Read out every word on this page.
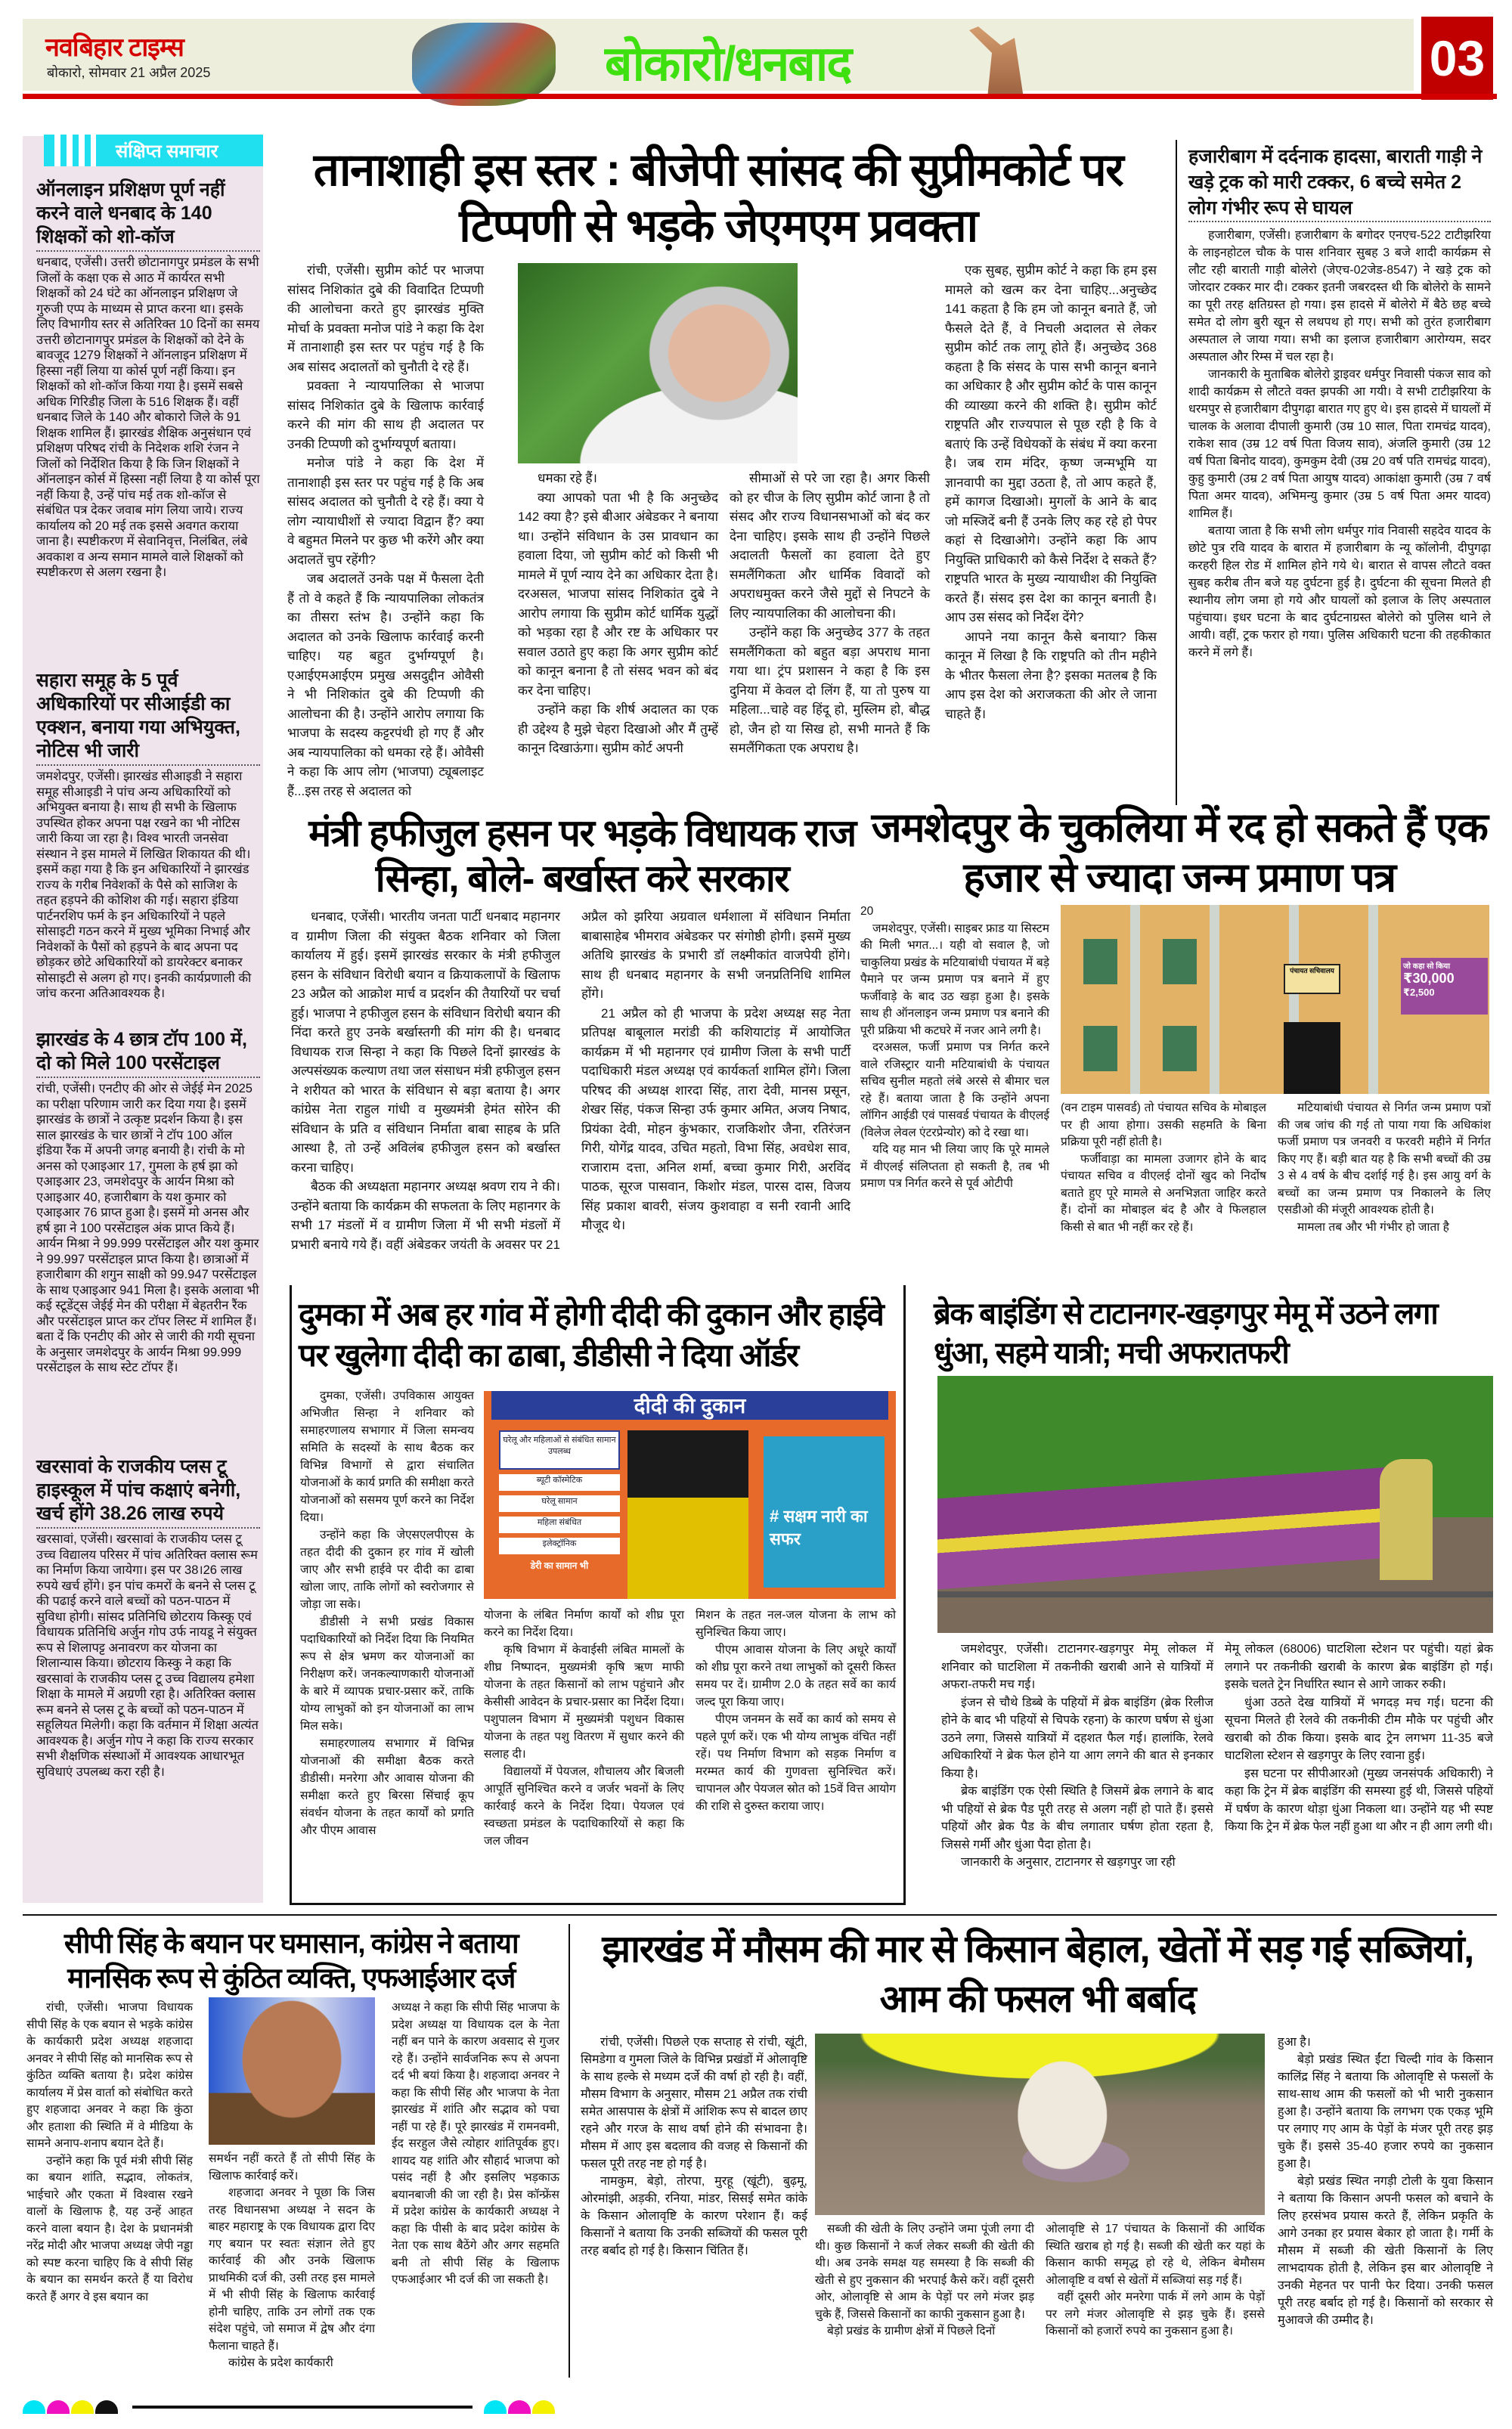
नवबिहार टाइम्स
बोकारो, सोमवार 21 अप्रैल 2025	बोकारो/धनबाद	03
संक्षिप्त समाचार
ऑनलाइन प्रशिक्षण पूर्ण नहीं करने वाले धनबाद के 140 शिक्षकों को शो-कॉज
धनबाद, एजेंसी। उत्तरी छोटानागपुर प्रमंडल के सभी जिलों के कक्षा एक से आठ में कार्यरत सभी शिक्षकों को 24 घंटे का ऑनलाइन प्रशिक्षण जे गुरुजी एप्प के माध्यम से प्राप्त करना था। इसके लिए विभागीय स्तर से अतिरिक्त 10 दिनों का समय उत्तरी छोटानागपुर प्रमंडल के शिक्षकों को देने के बावजूद 1279 शिक्षकों ने ऑनलाइन प्रशिक्षण में हिस्सा नहीं लिया या कोर्स पूर्ण नहीं किया। इन शिक्षकों को शो-कॉज किया गया है। इसमें सबसे अधिक गिरिडीह जिला के 516 शिक्षक हैं। वहीं धनबाद जिले के 140 और बोकारो जिले के 91 शिक्षक शामिल हैं। झारखंड शैक्षिक अनुसंधान एवं प्रशिक्षण परिषद रांची के निदेशक शशि रंजन ने जिलों को निर्देशित किया है कि जिन शिक्षकों ने ऑनलाइन कोर्स में हिस्सा नहीं लिया है या कोर्स पूरा नहीं किया है, उन्हें पांच मई तक शो-कॉज से संबंधित पत्र देकर जवाब मांग लिया जाये। राज्य कार्यालय को 20 मई तक इससे अवगत कराया जाना है। स्पष्टीकरण में सेवानिवृत्त, निलंबित, लंबे अवकाश व अन्य समान मामले वाले शिक्षकों को स्पष्टीकरण से अलग रखना है।
सहारा समूह के 5 पूर्व अधिकारियों पर सीआईडी का एक्शन, बनाया गया अभियुक्त, नोटिस भी जारी
जमशेदपुर, एजेंसी। झारखंड सीआइडी ने सहारा समूह सीआइडी ने पांच अन्य अधिकारियों को अभियुक्त बनाया है। साथ ही सभी के खिलाफ उपस्थित होकर अपना पक्ष रखने का भी नोटिस जारी किया जा रहा है। विश्व भारती जनसेवा संस्थान ने इस मामले में लिखित शिकायत की थी। इसमें कहा गया है कि इन अधिकारियों ने झारखंड राज्य के गरीब निवेशकों के पैसे को साजिश के तहत हड़पने की कोशिश की गई। सहारा इंडिया पार्टनरशिप फर्म के इन अधिकारियों ने पहले सोसाइटी गठन करने में मुख्य भूमिका निभाई और निवेशकों के पैसों को हड़पने के बाद अपना पद छोड़कर छोटे अधिकारियों को डायरेक्टर बनाकर सोसाइटी से अलग हो गए। इनकी कार्यप्रणाली की जांच करना अतिआवश्यक है।
झारखंड के 4 छात्र टॉप 100 में, दो को मिले 100 परसेंटाइल
रांची, एजेंसी। एनटीए की ओर से जेईई मेन 2025 का परीक्षा परिणाम जारी कर दिया गया है। इसमें झारखंड के छात्रों ने उत्कृष्ट प्रदर्शन किया है। इस साल झारखंड के चार छात्रों ने टॉप 100 ऑल इंडिया रैंक में अपनी जगह बनायी है। रांची के मो अनस को एआइआर 17, गुमला के हर्ष झा को एआइआर 23, जमशेदपुर के आर्यन मिश्रा को एआइआर 40, हजारीबाग के यश कुमार को एआइआर 76 प्राप्त हुआ है। इसमें मो अनस और हर्ष झा ने 100 परसेंटाइल अंक प्राप्त किये हैं। आर्यन मिश्रा ने 99.999 परसेंटाइल और यश कुमार ने 99.997 परसेंटाइल प्राप्त किया है। छात्राओं में हजारीबाग की शगुन साक्षी को 99.947 परसेंटाइल के साथ एआइआर 941 मिला है। इसके अलावा भी कई स्टूडेंट्स जेईई मेन की परीक्षा में बेहतरीन रैंक और परसेंटाइल प्राप्त कर टॉपर लिस्ट में शामिल हैं। बता दें कि एनटीए की ओर से जारी की गयी सूचना के अनुसार जमशेदपुर के आर्यन मिश्रा 99.999 परसेंटाइल के साथ स्टेट टॉपर हैं।
खरसावां के राजकीय प्लस टू हाइस्कूल में पांच कक्षाएं बनेगी, खर्च होंगे 38.26 लाख रुपये
खरसावां, एजेंसी। खरसावां के राजकीय प्लस टू उच्च विद्यालय परिसर में पांच अतिरिक्त क्लास रूम का निर्माण किया जायेगा। इस पर 38।26 लाख रुपये खर्च होंगे। इन पांच कमरों के बनने से प्लस टू की पढाई करने वाले बच्चों को पठन-पाठन में सुविधा होगी। सांसद प्रतिनिधि छोटराय किस्कू एवं विधायक प्रतिनिधि अर्जुन गोप उर्फ नायडू ने संयुक्त रूप से शिलापट्ट अनावरण कर योजना का शिलान्यास किया। छोटराय किस्कु ने कहा कि खरसावां के राजकीय प्लस टू उच्च विद्यालय हमेशा शिक्षा के मामले में अग्रणी रहा है। अतिरिक्त क्लास रूम बनने से प्लस टू के बच्चों को पठन-पाठन में सहूलियत मिलेगी। कहा कि वर्तमान में शिक्षा अत्यंत आवश्यक है। अर्जुन गोप ने कहा कि राज्य सरकार सभी शैक्षणिक संस्थाओं में आवश्यक आधारभूत सुविधाएं उपलब्ध करा रही है।
तानाशाही इस स्तर : बीजेपी सांसद की सुप्रीमकोर्ट पर टिप्पणी से भड़के जेएमएम प्रवक्ता

रांची, एजेंसी। सुप्रीम कोर्ट पर भाजपा सांसद निशिकांत दुबे की विवादित टिप्पणी की आलोचना करते हुए झारखंड मुक्ति मोर्चा के प्रवक्ता मनोज पांडे ने कहा कि देश में तानाशाही इस स्तर पर पहुंच गई है कि अब सांसद अदालतों को चुनौती दे रहे हैं।

प्रवक्ता ने न्यायपालिका से भाजपा सांसद निशिकांत दुबे के खिलाफ कार्रवाई करने की मांग की साथ ही अदालत पर उनकी टिप्पणी को दुर्भाग्यपूर्ण बताया।

मनोज पांडे ने कहा कि देश में तानाशाही इस स्तर पर पहुंच गई है कि अब सांसद अदालत को चुनौती दे रहे हैं। क्या ये लोग न्यायाधीशों से ज्यादा विद्वान हैं? क्या वे बहुमत मिलने पर कुछ भी करेंगे और क्या अदालतें चुप रहेंगी?

जब अदालतें उनके पक्ष में फैसला देती हैं तो वे कहते हैं कि न्यायपालिका लोकतंत्र का तीसरा स्तंभ है। उन्होंने कहा कि अदालत को उनके खिलाफ कार्रवाई करनी चाहिए। यह बहुत दुर्भाग्यपूर्ण है। एआईएमआईएम प्रमुख असदुद्दीन ओवैसी ने भी निशिकांत दुबे की टिप्पणी की आलोचना की है। उन्होंने आरोप लगाया कि भाजपा के सदस्य कट्टरपंथी हो गए हैं और अब न्यायपालिका को धमका रहे हैं। ओवैसी ने कहा कि आप लोग (भाजपा) ट्यूबलाइट हैं...इस तरह से अदालत को

धमका रहे हैं।

क्या आपको पता भी है कि अनुच्छेद 142 क्या है? इसे बीआर अंबेडकर ने बनाया था। उन्होंने संविधान के उस प्रावधान का हवाला दिया, जो सुप्रीम कोर्ट को किसी भी मामले में पूर्ण न्याय देने का अधिकार देता है। दरअसल, भाजपा सांसद निशिकांत दुबे ने आरोप लगाया कि सुप्रीम कोर्ट धार्मिक युद्धों को भड़का रहा है और रष्ट के अधिकार पर सवाल उठाते हुए कहा कि अगर सुप्रीम कोर्ट को कानून बनाना है तो संसद भवन को बंद कर देना चाहिए।

उन्होंने कहा कि शीर्ष अदालत का एक ही उद्देश्य है मुझे चेहरा दिखाओ और मैं तुम्हें कानून दिखाऊंगा। सुप्रीम कोर्ट अपनी

सीमाओं से परे जा रहा है। अगर किसी को हर चीज के लिए सुप्रीम कोर्ट जाना है तो संसद और राज्य विधानसभाओं को बंद कर देना चाहिए। इसके साथ ही उन्होंने पिछले अदालती फैसलों का हवाला देते हुए समलैंगिकता और धार्मिक विवादों को अपराधमुक्त करने जैसे मुद्दों से निपटने के लिए न्यायपालिका की आलोचना की।

उन्होंने कहा कि अनुच्छेद 377 के तहत समलैंगिकता को बहुत बड़ा अपराध माना गया था। ट्रंप प्रशासन ने कहा है कि इस दुनिया में केवल दो लिंग हैं, या तो पुरुष या महिला...चाहे वह हिंदू हो, मुस्लिम हो, बौद्ध हो, जैन हो या सिख हो, सभी मानते हैं कि समलैंगिकता एक अपराध है।

एक सुबह, सुप्रीम कोर्ट ने कहा कि हम इस मामले को खत्म कर देना चाहिए...अनुच्छेद 141 कहता है कि हम जो कानून बनाते हैं, जो फैसले देते हैं, वे निचली अदालत से लेकर सुप्रीम कोर्ट तक लागू होते हैं। अनुच्छेद 368 कहता है कि संसद के पास सभी कानून बनाने का अधिकार है और सुप्रीम कोर्ट के पास कानून की व्याख्या करने की शक्ति है। सुप्रीम कोर्ट राष्ट्रपति और राज्यपाल से पूछ रही है कि वे बताएं कि उन्हें विधेयकों के संबंध में क्या करना है। जब राम मंदिर, कृष्ण जन्मभूमि या ज्ञानवापी का मुद्दा उठता है, तो आप कहते हैं, हमें कागज दिखाओ। मुगलों के आने के बाद जो मस्जिदें बनी हैं उनके लिए कह रहे हो पेपर कहां से दिखाओगे। उन्होंने कहा कि आप नियुक्ति प्राधिकारी को कैसे निर्देश दे सकते हैं? राष्ट्रपति भारत के मुख्य न्यायाधीश की नियुक्ति करते हैं। संसद इस देश का कानून बनाती है। आप उस संसद को निर्देश देंगे?

आपने नया कानून कैसे बनाया? किस कानून में लिखा है कि राष्ट्रपति को तीन महीने के भीतर फैसला लेना है? इसका मतलब है कि आप इस देश को अराजकता की ओर ले जाना चाहते हैं।

हजारीबाग में दर्दनाक हादसा, बाराती गाड़ी ने खड़े ट्रक को मारी टक्कर, 6 बच्चे समेत 2 लोग गंभीर रूप से घायल

हजारीबाग, एजेंसी। हजारीबाग के बगोदर एनएच-522 टाटीझरिया के लाइनहोटल चौक के पास शनिवार सुबह 3 बजे शादी कार्यक्रम से लौट रही बाराती गाड़ी बोलेरो (जेएच-02जेड-8547) ने खड़े ट्रक को जोरदार टक्कर मार दी। टक्कर इतनी जबरदस्त थी कि बोलेरो के सामने का पूरी तरह क्षतिग्रस्त हो गया। इस हादसे में बोलेरो में बैठे छह बच्चे समेत दो लोग बुरी खून से लथपथ हो गए। सभी को तुरंत हजारीबाग अस्पताल ले जाया गया। सभी का इलाज हजारीबाग आरोग्यम, सदर अस्पताल और रिम्स में चल रहा है।

जानकारी के मुताबिक बोलेरो ड्राइवर धर्मपुर निवासी पंकज साव को शादी कार्यक्रम से लौटते वक्त झपकी आ गयी। वे सभी टाटीझरिया के धरमपुर से हजारीबाग दीपुगढ़ा बारात गए हुए थे। इस हादसे में घायलों में चालक के अलावा दीपाली कुमारी (उम्र 10 साल, पिता रामचंद्र यादव), राकेश साव (उम्र 12 वर्ष पिता विजय साव), अंजलि कुमारी (उम्र 12 वर्ष पिता बिनोद यादव), कुमकुम देवी (उम्र 20 वर्ष पति रामचंद्र यादव), कुहु कुमारी (उम्र 2 वर्ष पिता आयुष यादव) आकांक्षा कुमारी (उम्र 7 वर्ष पिता अमर यादव), अभिमन्यु कुमार (उम्र 5 वर्ष पिता अमर यादव) शामिल हैं।

बताया जाता है कि सभी लोग धर्मपुर गांव निवासी सहदेव यादव के छोटे पुत्र रवि यादव के बारात में हजारीबाग के न्यू कॉलोनी, दीपुगढ़ा करहरी हिल रोड में शामिल होने गये थे। बारात से वापस लौटते वक्त सुबह करीब तीन बजे यह दुर्घटना हुई है। दुर्घटना की सूचना मिलते ही स्थानीय लोग जमा हो गये और घायलों को इलाज के लिए अस्पताल पहुंचाया। इधर घटना के बाद दुर्घटनाग्रस्त बोलेरो को पुलिस थाने ले आयी। वहीं, ट्रक फरार हो गया। पुलिस अधिकारी घटना की तहकीकात करने में लगे हैं।

मंत्री हफीजुल हसन पर भड़के विधायक राज सिन्हा, बोले- बर्खास्त करे सरकार

धनबाद, एजेंसी। भारतीय जनता पार्टी धनबाद महानगर व ग्रामीण जिला की संयुक्त बैठक शनिवार को जिला कार्यालय में हुई। इसमें झारखंड सरकार के मंत्री हफीजुल हसन के संविधान विरोधी बयान व क्रियाकलापों के खिलाफ 23 अप्रैल को आक्रोश मार्च व प्रदर्शन की तैयारियों पर चर्चा हुई। भाजपा ने हफीजुल हसन के संविधान विरोधी बयान की निंदा करते हुए उनके बर्खास्तगी की मांग की है। धनबाद विधायक राज सिन्हा ने कहा कि पिछले दिनों झारखंड के अल्पसंख्यक कल्याण तथा जल संसाधन मंत्री हफीजुल हसन ने शरीयत को भारत के संविधान से बड़ा बताया है। अगर कांग्रेस नेता राहुल गांधी व मुख्यमंत्री हेमंत सोरेन की संविधान के प्रति व संविधान निर्माता बाबा साहब के प्रति आस्था है, तो उन्हें अविलंब हफीजुल हसन को बर्खास्त करना चाहिए।

बैठक की अध्यक्षता महानगर अध्यक्ष श्रवण राय ने की। उन्होंने बताया कि कार्यक्रम की सफलता के लिए महानगर के सभी 17 मंडलों में व ग्रामीण जिला में भी सभी मंडलों में प्रभारी बनाये गये हैं। वहीं अंबेडकर जयंती के अवसर पर 21 अप्रैल को झरिया अग्रवाल धर्मशाला में संविधान निर्माता बाबासाहेब भीमराव अंबेडकर पर संगोष्ठी होगी। इसमें मुख्य अतिथि झारखंड के प्रभारी डॉ लक्ष्मीकांत वाजपेयी होंगे। साथ ही धनबाद महानगर के सभी जनप्रतिनिधि शामिल होंगे।

21 अप्रैल को ही भाजपा के प्रदेश अध्यक्ष सह नेता प्रतिपक्ष बाबूलाल मरांडी की कशियाटांड़ में आयोजित कार्यक्रम में भी महानगर एवं ग्रामीण जिला के सभी पार्टी पदाधिकारी मंडल अध्यक्ष एवं कार्यकर्ता शामिल होंगे। जिला परिषद की अध्यक्ष शारदा सिंह, तारा देवी, मानस प्रसून, शेखर सिंह, पंकज सिन्हा उर्फ कुमार अमित, अजय निषाद, प्रियंका देवी, मोहन कुंभकार, राजकिशोर जैना, रतिरंजन गिरी, योगेंद्र यादव, उचित महतो, विभा सिंह, अवधेश साव, राजाराम दत्ता, अनिल शर्मा, बच्चा कुमार गिरी, अरविंद पाठक, सूरज पासवान, किशोर मंडल, पारस दास, विजय सिंह प्रकाश बावरी, संजय कुशवाहा व सनी रवानी आदि मौजूद थे।

जमशेदपुर के चुकलिया में रद हो सकते हैं एक हजार से ज्यादा जन्म प्रमाण पत्र

20

जमशेदपुर, एजेंसी। साइबर फ्राड या सिस्टम की मिली भगत...। यही वो सवाल है, जो चाकुलिया प्रखंड के मटियाबांधी पंचायत में बड़े पैमाने पर जन्म प्रमाण पत्र बनाने में हुए फर्जीवाड़े के बाद उठ खड़ा हुआ है। इसके साथ ही ऑनलाइन जन्म प्रमाण पत्र बनाने की पूरी प्रक्रिया भी कटघरे में नजर आने लगी है।

दरअसल, फर्जी प्रमाण पत्र निर्गत करने वाले रजिस्ट्रार यानी मटियाबांधी के पंचायत सचिव सुनील महतो लंबे अरसे से बीमार चल रहे हैं। बताया जाता है कि उन्होंने अपना लॉगिन आईडी एवं पासवर्ड पंचायत के वीएलई (विलेज लेवल एंटरप्रेन्योर) को दे रखा था।

यदि यह मान भी लिया जाए कि पूरे मामले में वीएलई संलिप्तता हो सकती है, तब भी प्रमाण पत्र निर्गत करने से पूर्व ओटीपी

पंचायत सचिवालय	जो कहा सो किया
₹30,000
₹2,500

(वन टाइम पासवर्ड) तो पंचायत सचिव के मोबाइल पर ही आया होगा। उसकी सहमति के बिना प्रक्रिया पूरी नहीं होती है।

फर्जीवाड़ा का मामला उजागर होने के बाद पंचायत सचिव व वीएलई दोनों खुद को निर्दोष बताते हुए पूरे मामले से अनभिज्ञता जाहिर करते हैं। दोनों का मोबाइल बंद है और वे फिलहाल किसी से बात भी नहीं कर रहे हैं।

मटियाबांधी पंचायत से निर्गत जन्म प्रमाण पत्रों की जब जांच की गई तो पाया गया कि अधिकांश फर्जी प्रमाण पत्र जनवरी व फरवरी महीने में निर्गत किए गए हैं। बड़ी बात यह है कि सभी बच्चों की उम्र 3 से 4 वर्ष के बीच दर्शाई गई है। इस आयु वर्ग के बच्चों का जन्म प्रमाण पत्र निकालने के लिए एसडीओ की मंजूरी आवश्यक होती है।

मामला तब और भी गंभीर हो जाता है

दुमका में अब हर गांव में होगी दीदी की दुकान और हाईवे पर खुलेगा दीदी का ढाबा, डीडीसी ने दिया ऑर्डर

दुमका, एजेंसी। उपविकास आयुक्त अभिजीत सिन्हा ने शनिवार को समाहरणालय सभागार में जिला समन्वय समिति के सदस्यों के साथ बैठक कर विभिन्न विभागों से द्वारा संचालित योजनाओं के कार्य प्रगति की समीक्षा करते योजनाओं को ससमय पूर्ण करने का निर्देश दिया।

उन्होंने कहा कि जेएसएलपीएस के तहत दीदी की दुकान हर गांव में खोली जाए और सभी हाईवे पर दीदी का ढाबा खोला जाए, ताकि लोगों को स्वरोजगार से जोड़ा जा सके।

डीडीसी ने सभी प्रखंड विकास पदाधिकारियों को निर्देश दिया कि नियमित रूप से क्षेत्र भ्रमण कर योजनाओं का निरीक्षण करें। जनकल्याणकारी योजनाओं के बारे में व्यापक प्रचार-प्रसार करें, ताकि योग्य लाभुकों को इन योजनाओं का लाभ मिल सके।

समाहरणालय सभागार में विभिन्न योजनाओं की समीक्षा बैठक करते डीडीसी। मनरेगा और आवास योजना की समीक्षा करते हुए बिरसा सिंचाई कूप संवर्धन योजना के तहत कार्यों को प्रगति और पीएम आवास

दीदी की दुकान
घरेलू और महिलाओं से संबंधित सामान उपलब्ध
ब्यूटी कॉस्मेटिक
घरेलू सामान
महिला संबंधित
इलेक्ट्रॉनिक
डेरी का सामान भी
# सक्षम नारी का सफर

योजना के लंबित निर्माण कार्यों को शीघ्र पूरा करने का निर्देश दिया।

कृषि विभाग में केवाईसी लंबित मामलों के शीघ्र निष्पादन, मुख्यमंत्री कृषि ऋण माफी योजना के तहत किसानों को लाभ पहुंचाने और केसीसी आवेदन के प्रचार-प्रसार का निर्देश दिया। पशुपालन विभाग में मुख्यमंत्री पशुधन विकास योजना के तहत पशु वितरण में सुधार करने की सलाह दी।

विद्यालयों में पेयजल, शौचालय और बिजली आपूर्ति सुनिश्चित करने व जर्जर भवनों के लिए कार्रवाई करने के निर्देश दिया। पेयजल एवं स्वच्छता प्रमंडल के पदाधिकारियों से कहा कि जल जीवन

मिशन के तहत नल-जल योजना के लाभ को सुनिश्चित किया जाए।

पीएम आवास योजना के लिए अधूरे कार्यों को शीघ्र पूरा करने तथा लाभुकों को दूसरी किस्त समय पर दें। ग्रामीण 2.0 के तहत सर्वे का कार्य जल्द पूरा किया जाए।

पीएम जनमन के सर्वे का कार्य को समय से पहले पूर्ण करें। एक भी योग्य लाभुक वंचित नहीं रहें। पथ निर्माण विभाग को सड़क निर्माण व मरम्मत कार्य की गुणवत्ता सुनिश्चित करें। चापानल और पेयजल स्रोत को 15वें वित्त आयोग की राशि से दुरुस्त कराया जाए।

ब्रेक बाइंडिंग से टाटानगर-खड़गपुर मेमू में उठने लगा धुंआ, सहमे यात्री; मची अफरातफरी

जमशेदपुर, एजेंसी। टाटानगर-खड़गपुर मेमू लोकल में शनिवार को घाटशिला में तकनीकी खराबी आने से यात्रियों में अफरा-तफरी मच गई।

इंजन से चौथे डिब्बे के पहियों में ब्रेक बाइंडिंग (ब्रेक रिलीज होने के बाद भी पहियों से चिपके रहना) के कारण घर्षण से धुंआ उठने लगा, जिससे यात्रियों में दहशत फैल गई। हालांकि, रेलवे अधिकारियों ने ब्रेक फेल होने या आग लगने की बात से इनकार किया है।

ब्रेक बाइंडिंग एक ऐसी स्थिति है जिसमें ब्रेक लगाने के बाद भी पहियों से ब्रेक पैड पूरी तरह से अलग नहीं हो पाते हैं। इससे पहियों और ब्रेक पैड के बीच लगातार घर्षण होता रहता है, जिससे गर्मी और धुंआ पैदा होता है।

जानकारी के अनुसार, टाटानगर से खड़गपुर जा रही

मेमू लोकल (68006) घाटशिला स्टेशन पर पहुंची। यहां ब्रेक लगाने पर तकनीकी खराबी के कारण ब्रेक बाइंडिंग हो गई। इसके चलते ट्रेन निर्धारित स्थान से आगे जाकर रुकी।

धुंआ उठते देख यात्रियों में भगदड़ मच गई। घटना की सूचना मिलते ही रेलवे की तकनीकी टीम मौके पर पहुंची और खराबी को ठीक किया। इसके बाद ट्रेन लगभग 11-35 बजे घाटशिला स्टेशन से खड़गपुर के लिए रवाना हुई।

इस घटना पर सीपीआरओ (मुख्य जनसंपर्क अधिकारी) ने कहा कि ट्रेन में ब्रेक बाइंडिंग की समस्या हुई थी, जिससे पहियों में घर्षण के कारण थोड़ा धुंआ निकला था। उन्होंने यह भी स्पष्ट किया कि ट्रेन में ब्रेक फेल नहीं हुआ था और न ही आग लगी थी।

सीपी सिंह के बयान पर घमासान, कांग्रेस ने बताया मानसिक रूप से कुंठित व्यक्ति, एफआईआर दर्ज

रांची, एजेंसी। भाजपा विधायक सीपी सिंह के एक बयान से भड़के कांग्रेस के कार्यकारी प्रदेश अध्यक्ष शहजादा अनवर ने सीपी सिंह को मानसिक रूप से कुंठित व्यक्ति बताया है। प्रदेश कांग्रेस कार्यालय में प्रेस वार्ता को संबोधित करते हुए शहजादा अनवर ने कहा कि कुंठा और हताशा की स्थिति में वे मीडिया के सामने अनाप-शनाप बयान देते हैं।

उन्होंने कहा कि पूर्व मंत्री सीपी सिंह का बयान शांति, सद्भाव, लोकतंत्र, भाईचारे और एकता में विश्वास रखने वालों के खिलाफ है, यह उन्हें आहत करने वाला बयान है। देश के प्रधानमंत्री नरेंद्र मोदी और भाजपा अध्यक्ष जेपी नड्डा को स्पष्ट करना चाहिए कि वे सीपी सिंह के बयान का समर्थन करते हैं या विरोध करते हैं अगर वे इस बयान का

समर्थन नहीं करते हैं तो सीपी सिंह के खिलाफ कार्रवाई करें।

शहजादा अनवर ने पूछा कि जिस तरह विधानसभा अध्यक्ष ने सदन के बाहर महाराष्ट्र के एक विधायक द्वारा दिए गए बयान पर स्वतः संज्ञान लेते हुए कार्रवाई की और उनके खिलाफ प्राथमिकी दर्ज की, उसी तरह इस मामले में भी सीपी सिंह के खिलाफ कार्रवाई होनी चाहिए, ताकि उन लोगों तक एक संदेश पहुंचे, जो समाज में द्वेष और दंगा फैलाना चाहते हैं।

कांग्रेस के प्रदेश कार्यकारी

अध्यक्ष ने कहा कि सीपी सिंह भाजपा के प्रदेश अध्यक्ष या विधायक दल के नेता नहीं बन पाने के कारण अवसाद से गुजर रहे हैं। उन्होंने सार्वजनिक रूप से अपना दर्द भी बयां किया है। शहजादा अनवर ने कहा कि सीपी सिंह और भाजपा के नेता झारखंड में शांति और सद्भाव को पचा नहीं पा रहे हैं। पूरे झारखंड में रामनवमी, ईद सरहुल जैसे त्योहार शांतिपूर्वक हुए। शायद यह शांति और सौहार्द भाजपा को पसंद नहीं है और इसलिए भड़काऊ बयानबाजी की जा रही है। प्रेस कॉन्फ्रेंस में प्रदेश कांग्रेस के कार्यकारी अध्यक्ष ने कहा कि पीसी के बाद प्रदेश कांग्रेस के नेता एक साथ बैठेंगे और अगर सहमति बनी तो सीपी सिंह के खिलाफ एफआईआर भी दर्ज की जा सकती है।

झारखंड में मौसम की मार से किसान बेहाल, खेतों में सड़ गई सब्जियां, आम की फसल भी बर्बाद

रांची, एजेंसी। पिछले एक सप्ताह से रांची, खूंटी, सिमडेगा व गुमला जिले के विभिन्न प्रखंडों में ओलावृष्टि के साथ हल्के से मध्यम दर्जे की वर्षा हो रही है। वहीं, मौसम विभाग के अनुसार, मौसम 21 अप्रैल तक रांची समेत आसपास के क्षेत्रों में आंशिक रूप से बादल छाए रहने और गरज के साथ वर्षा होने की संभावना है। मौसम में आए इस बदलाव की वजह से किसानों की फसल पूरी तरह नष्ट हो गई है।

नामकुम, बेड़ो, तोरपा, मुरहू (खूंटी), बुढ़मू, ओरमांझी, अड़की, रनिया, मांडर, सिसई समेत कांके के किसान ओलावृष्टि के कारण परेशान हैं। कई किसानों ने बताया कि उनकी सब्जियों की फसल पूरी तरह बर्बाद हो गई है। किसान चिंतित हैं।

सब्जी की खेती के लिए उन्होंने जमा पूंजी लगा दी थी। कुछ किसानों ने कर्ज लेकर सब्जी की खेती की थी। अब उनके समक्ष यह समस्या है कि सब्जी की खेती से हुए नुकसान की भरपाई कैसे करें। वहीं दूसरी ओर, ओलावृष्टि से आम के पेड़ों पर लगे मंजर झड़ चुके हैं, जिससे किसानों का काफी नुकसान हुआ है।

बेड़ो प्रखंड के ग्रामीण क्षेत्रों में पिछले दिनों

ओलावृष्टि से 17 पंचायत के किसानों की आर्थिक स्थिति खराब हो गई है। सब्जी की खेती कर यहां के किसान काफी समृद्ध हो रहे थे, लेकिन बेमौसम ओलावृष्टि व वर्षा से खेतों में सब्जियां सड़ गई हैं।

वहीं दूसरी ओर मनरेगा पार्क में लगे आम के पेड़ों पर लगे मंजर ओलावृष्टि से झड़ चुके हैं। इससे किसानों को हजारों रुपये का नुकसान हुआ है।

हुआ है।

बेड़ो प्रखंड स्थित ईंटा चिल्दी गांव के किसान कालिंद्र सिंह ने बताया कि ओलावृष्टि से फसलों के साथ-साथ आम की फसलों को भी भारी नुकसान हुआ है। उन्होंने बताया कि लगभग एक एकड़ भूमि पर लगाए गए आम के पेड़ों के मंजर पूरी तरह झड़ चुके हैं। इससे 35-40 हजार रुपये का नुकसान हुआ है।

बेड़ो प्रखंड स्थित नगड़ी टोली के युवा किसान ने बताया कि किसान अपनी फसल को बचाने के लिए हरसंभव प्रयास करते हैं, लेकिन प्रकृति के आगे उनका हर प्रयास बेकार हो जाता है। गर्मी के मौसम में सब्जी की खेती किसानों के लिए लाभदायक होती है, लेकिन इस बार ओलावृष्टि ने उनकी मेहनत पर पानी फेर दिया। उनकी फसल पूरी तरह बर्बाद हो गई है। किसानों को सरकार से मुआवजे की उम्मीद है।
